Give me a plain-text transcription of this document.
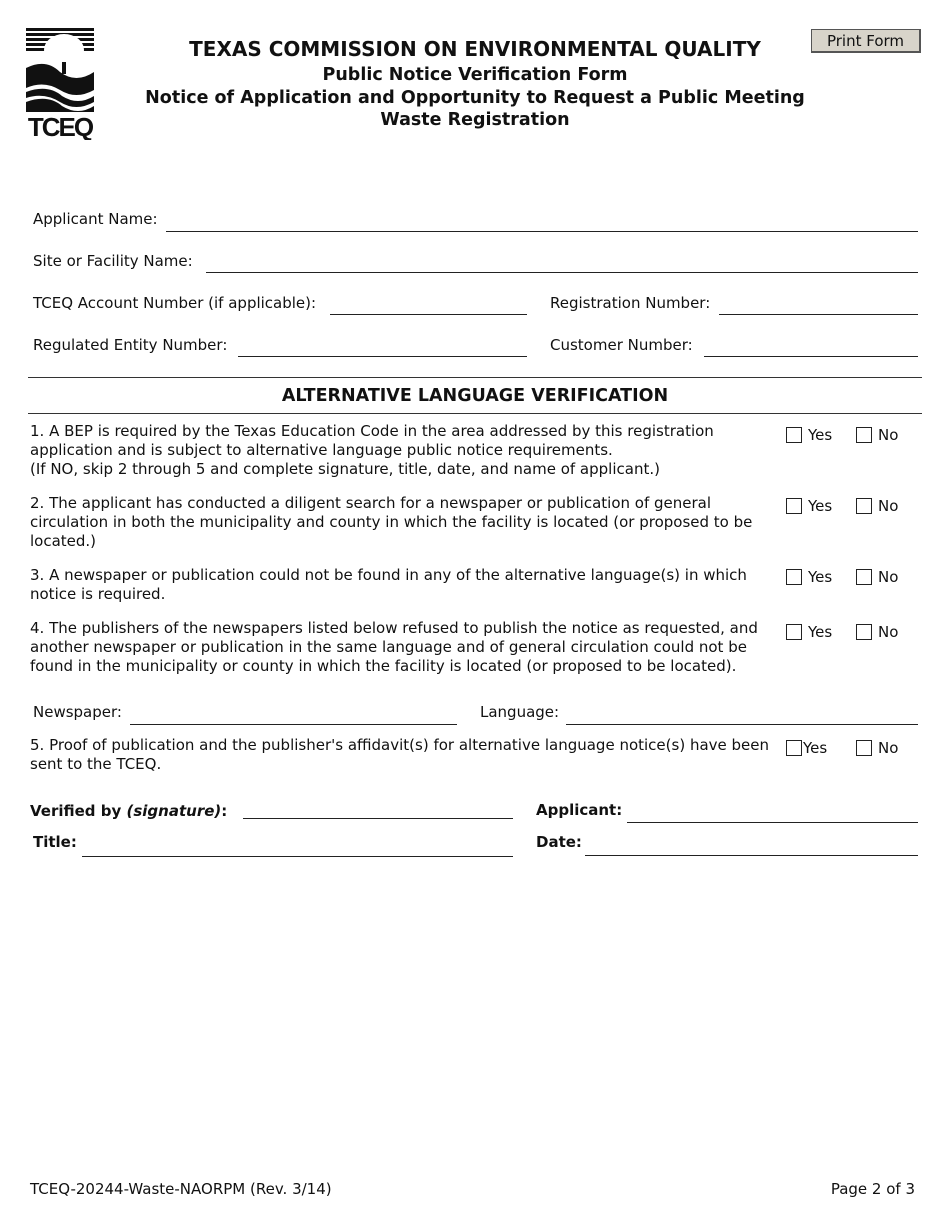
TCEQ
Print Form
TEXAS COMMISSION ON ENVIRONMENTAL QUALITY
Public Notice Verification Form
Notice of Application and Opportunity to Request a Public Meeting
Waste Registration
Applicant Name:
Site or Facility Name:
TCEQ Account Number (if applicable):	Registration Number:
Regulated Entity Number:	Customer Number:
ALTERNATIVE LANGUAGE VERIFICATION
1. A BEP is required by the Texas Education Code in the area addressed by this registration application and is subject to alternative language public notice requirements.
(If NO, skip 2 through 5 and complete signature, title, date, and name of applicant.)
Yes	No
2. The applicant has conducted a diligent search for a newspaper or publication of general circulation in both the municipality and county in which the facility is located (or proposed to be located.)
Yes	No
3. A newspaper or publication could not be found in any of the alternative language(s) in which notice is required.
Yes	No
4. The publishers of the newspapers listed below refused to publish the notice as requested, and another newspaper or publication in the same language and of general circulation could not be found in the municipality or county in which the facility is located (or proposed to be located).
Yes	No
Newspaper:	Language:
5. Proof of publication and the publisher's affidavit(s) for alternative language notice(s) have been sent to the TCEQ.
Yes	No
Verified by (signature):	Applicant:
Title:	Date:
TCEQ-20244-Waste-NAORPM (Rev. 3/14)	Page 2 of 3
